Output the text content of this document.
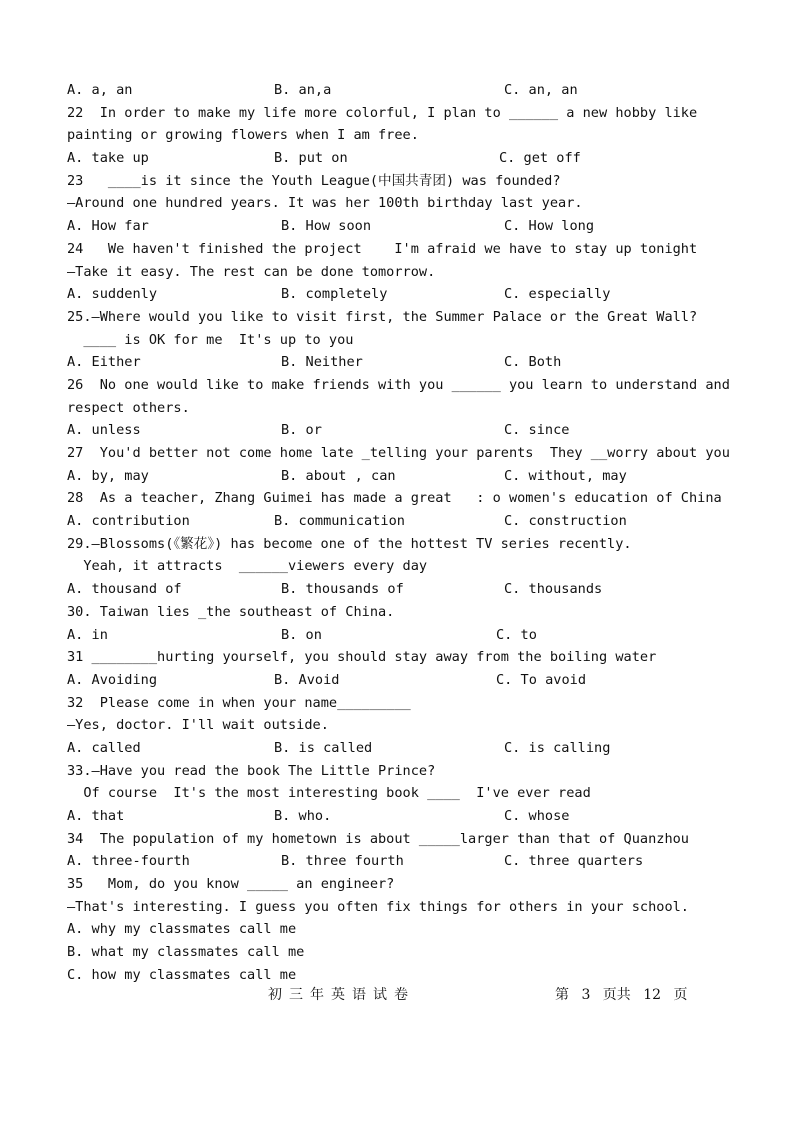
A. a, an	B. an,a	C. an, an
22  In order to make my life more colorful, I plan to ______ a new hobby like
painting or growing flowers when I am free.
A. take up	B. put on	C. get off
23   ____is it since the Youth League(中国共青团) was founded?
—Around one hundred years. It was her 100th birthday last year.
A. How far	B. How soon	C. How long
24   We haven't finished the project    I'm afraid we have to stay up tonight
—Take it easy. The rest can be done tomorrow.
A. suddenly	B. completely	C. especially
25.—Where would you like to visit first, the Summer Palace or the Great Wall?
____ is OK for me  It's up to you
A. Either	B. Neither	C. Both
26  No one would like to make friends with you ______ you learn to understand and
respect others.
A. unless	B. or	C. since
27  You'd better not come home late _telling your parents  They __worry about you
A. by, may	B. about , can	C. without, may
28  As a teacher, Zhang Guimei has made a great   : o women's education of China
A. contribution	B. communication	C. construction
29.—Blossoms(《繁花》) has become one of the hottest TV series recently.
Yeah, it attracts  ______viewers every day
A. thousand of	B. thousands of	C. thousands
30. Taiwan lies _the southeast of China.
A. in	B. on	C. to
31 ________hurting yourself, you should stay away from the boiling water
A. Avoiding	B. Avoid	C. To avoid
32  Please come in when your name_________
—Yes, doctor. I'll wait outside.
A. called	B. is called	C. is calling
33.—Have you read the book The Little Prince?
Of course  It's the most interesting book ____  I've ever read
A. that	B. who.	C. whose
34  The population of my hometown is about _____larger than that of Quanzhou
A. three-fourth	B. three fourth	C. three quarters
35   Mom, do you know _____ an engineer?
—That's interesting. I guess you often fix things for others in your school.
A. why my classmates call me
B. what my classmates call me
C. how my classmates call me
初三年英语试卷	第 3 页共 12 页
